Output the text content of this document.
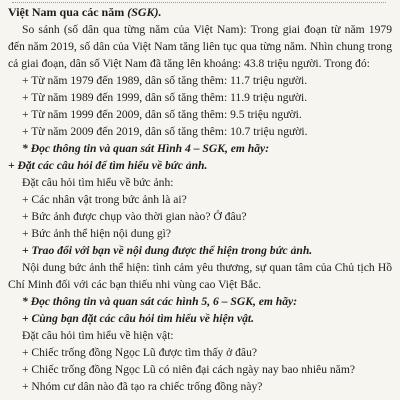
Việt Nam qua các năm (SGK).

So sánh (số dân qua từng năm của Việt Nam): Trong giai đoạn từ năm 1979 đến năm 2019, số dân của Việt Nam tăng liên tục qua từng năm. Nhìn chung trong cả giai đoạn, dân số Việt Nam đã tăng lên khoảng: 43.8 triệu người. Trong đó:

+ Từ năm 1979 đến 1989, dân số tăng thêm: 11.7 triệu người.

+ Từ năm 1989 đến 1999, dân số tăng thêm: 11.9 triệu người.

+ Từ năm 1999 đến 2009, dân số tăng thêm: 9.5 triệu người.

+ Từ năm 2009 đến 2019, dân số tăng thêm: 10.7 triệu người.

* Đọc thông tin và quan sát Hình 4 – SGK, em hãy:

+ Đặt các câu hỏi để tìm hiểu về bức ảnh.

Đặt câu hỏi tìm hiểu về bức ảnh:

+ Các nhân vật trong bức ảnh là ai?

+ Bức ảnh được chụp vào thời gian nào? Ở đâu?

+ Bức ảnh thể hiện nội dung gì?

+ Trao đổi với bạn về nội dung được thể hiện trong bức ảnh.

Nội dung bức ảnh thể hiện: tình cảm yêu thương, sự quan tâm của Chủ tịch Hồ Chí Minh đối với các bạn thiếu nhi vùng cao Việt Bắc.

* Đọc thông tin và quan sát các hình 5, 6 – SGK, em hãy:

+ Cùng bạn đặt các câu hỏi tìm hiểu về hiện vật.

Đặt câu hỏi tìm hiểu về hiện vật:

+ Chiếc trống đồng Ngọc Lũ được tìm thấy ở đâu?

+ Chiếc trống đồng Ngọc Lũ có niên đại cách ngày nay bao nhiêu năm?

+ Nhóm cư dân nào đã tạo ra chiếc trống đồng này?
